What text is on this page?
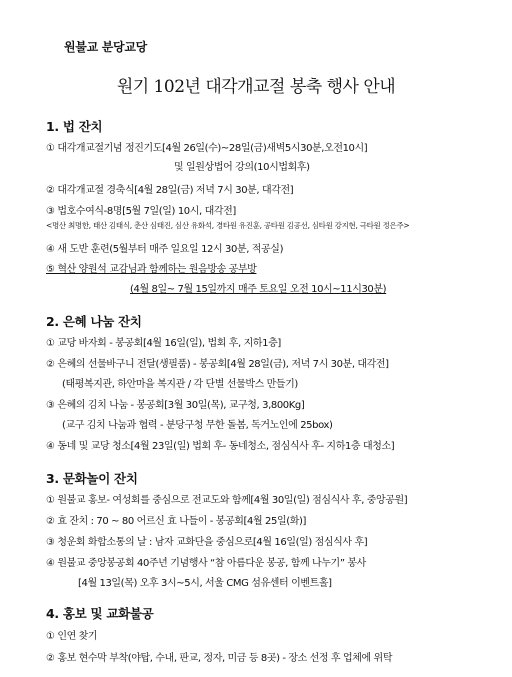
원불교 분당교당
원기 102년 대각개교절 봉축 행사 안내
1. 법 잔치
① 대각개교절기념 정진기도[4월 26일(수)~28일(금)새벽5시30분,오전10시]
및 일원상법어 강의(10시법회후)
② 대각개교절 경축식[4월 28일(금) 저녁 7시 30분, 대각전]
③ 법호수여식-8명[5월 7일(일) 10시, 대각전]
<명산 최명한, 태산 김태식, 춘산 심태진, 심산 유화석, 경타원 유진훈, 공타원 김공선, 심타원 강지현, 극타원 정은주>
④ 새 도반 훈련(5월부터 매주 일요일 12시 30분, 적공실)
⑤ 혁산 양원석 교감님과 함께하는 원음방송 공부방
(4월 8일~ 7월 15일까지 매주 토요일 오전 10시~11시30분)
2. 은혜 나눔 잔치
① 교당 바자회 - 봉공회[4월 16일(일), 법회 후, 지하1층]
② 은혜의 선물바구니 전달(생필품) - 봉공회[4월 28일(금), 저녁 7시 30분, 대각전]
(태평복지관, 하안마을 복지관 / 각 단별 선물박스 만들기)
③ 은혜의 김치 나눔 - 봉공회[3월 30일(목), 교구청, 3,800Kg]
(교구 김치 나눔과 협력 - 분당구청 무한 돌봄, 독거노인에 25box)
④ 동네 및 교당 청소[4월 23일(일) 법회 후- 동네청소, 점심식사 후- 지하1층 대청소]
3. 문화놀이 잔치
① 원불교 홍보- 여성회를 중심으로 전교도와 함께[4월 30일(일) 점심식사 후, 중앙공원]
② 효 잔치 : 70 ~ 80 어르신 효 나들이 - 봉공회[4월 25일(화)]
③ 청운회 화합소통의 날 : 남자 교화단을 중심으로[4월 16일(일) 점심식사 후]
④ 원불교 중앙봉공회 40주년 기념행사 “참 아름다운 봉공, 함께 나누기” 봉사
[4월 13일(목) 오후 3시~5시, 서울 CMG 섬유센터 이벤트홀]
4. 홍보 및 교화불공
① 인연 찾기
② 홍보 현수막 부착(야탑, 수내, 판교, 정자, 미금 등 8곳) - 장소 선정 후 업체에 위탁
